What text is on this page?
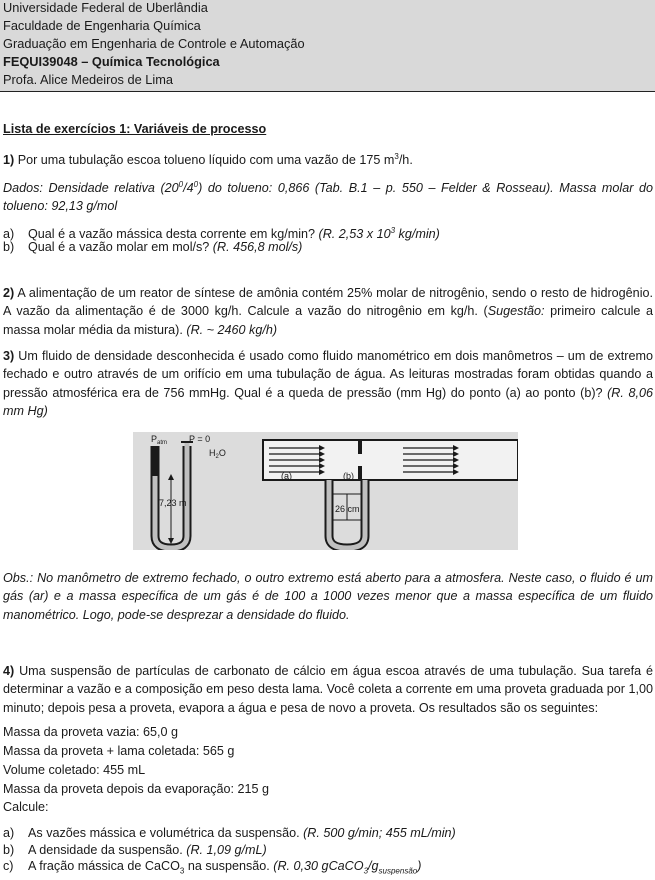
Universidade Federal de Uberlândia
Faculdade de Engenharia Química
Graduação em Engenharia de Controle e Automação
FEQUI39048 – Química Tecnológica
Profa. Alice Medeiros de Lima
Lista de exercícios 1: Variáveis de processo
1) Por uma tubulação escoa tolueno líquido com uma vazão de 175 $m^3/h$.
Dados: Densidade relativa $(20^0/4^0)$ do tolueno: 0,866 (Tab. B.1 – p. 550 – Felder & Rosseau). Massa molar do tolueno: 92,13 g/mol
a) Qual é a vazão mássica desta corrente em kg/min? (R. 2,53 x $10^3$ kg/min)
b) Qual é a vazão molar em mol/s? (R. 456,8 mol/s)
2) A alimentação de um reator de síntese de amônia contém 25% molar de nitrogênio, sendo o resto de hidrogênio. A vazão da alimentação é de 3000 kg/h. Calcule a vazão do nitrogênio em kg/h. (Sugestão: primeiro calcule a massa molar média da mistura). (R. ~ 2460 kg/h)
3) Um fluido de densidade desconhecida é usado como fluido manométrico em dois manômetros – um de extremo fechado e outro através de um orifício em uma tubulação de água. As leituras mostradas foram obtidas quando a pressão atmosférica era de 756 mmHg. Qual é a queda de pressão (mm Hg) do ponto (a) ao ponto (b)? (R. 8,06 mm Hg)
$P_{atm}$ P = 0
$H_2O$
7,23 m
(a)	(b)
26 cm
Obs.: No manômetro de extremo fechado, o outro extremo está aberto para a atmosfera. Neste caso, o fluido é um gás (ar) e a massa específica de um gás é de 100 a 1000 vezes menor que a massa específica de um fluido manométrico. Logo, pode-se desprezar a densidade do fluido.
4) Uma suspensão de partículas de carbonato de cálcio em água escoa através de uma tubulação. Sua tarefa é determinar a vazão e a composição em peso desta lama. Você coleta a corrente em uma proveta graduada por 1,00 minuto; depois pesa a proveta, evapora a água e pesa de novo a proveta. Os resultados são os seguintes:
Massa da proveta vazia: 65,0 g
Massa da proveta + lama coletada: 565 g
Volume coletado: 455 mL
Massa da proveta depois da evaporação: 215 g
Calcule:
a) As vazões mássica e volumétrica da suspensão. (R. 500 g/min; 455 mL/min)
b) A densidade da suspensão. (R. 1,09 g/mL)
c) A fração mássica de CaCO$_3$ na suspensão. (R. 0,30 $gCaCO_3/g_{suspensão}$)
